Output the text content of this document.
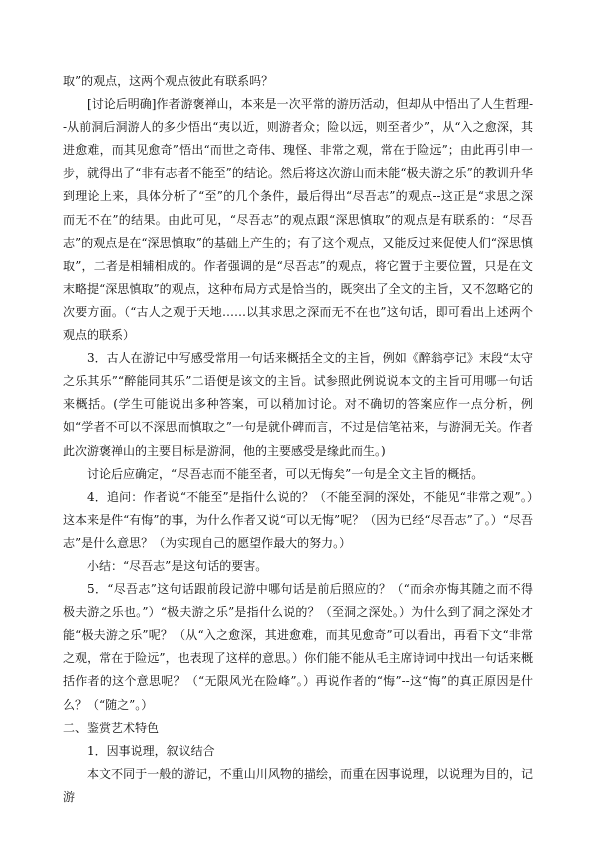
取”的观点，这两个观点彼此有联系吗？

[讨论后明确]作者游褒禅山，本来是一次平常的游历活动，但却从中悟出了人生哲理--从前洞后洞游人的多少悟出“夷以近，则游者众；险以远，则至者少”，从“入之愈深，其进愈难，而其见愈奇”悟出“而世之奇伟、瑰怪、非常之观，常在于险远”；由此再引申一步，就得出了“非有志者不能至”的结论。然后将这次游山而未能“极夫游之乐”的教训升华到理论上来，具体分析了“至”的几个条件，最后得出“尽吾志”的观点--这正是“求思之深而无不在”的结果。由此可见，“尽吾志”的观点跟“深思慎取”的观点是有联系的：“尽吾志”的观点是在“深思慎取”的基础上产生的；有了这个观点，又能反过来促使人们“深思慎取”，二者是相辅相成的。作者强调的是“尽吾志”的观点，将它置于主要位置，只是在文末略提“深思慎取”的观点，这种布局方式是恰当的，既突出了全文的主旨，又不忽略它的次要方面。（“古人之观于天地……以其求思之深而无不在也”这句话，即可看出上述两个观点的联系）

3．古人在游记中写感受常用一句话来概括全文的主旨，例如《醉翁亭记》末段“太守之乐其乐”“醉能同其乐”二语便是该文的主旨。试参照此例说说本文的主旨可用哪一句话来概括。(学生可能说出多种答案，可以稍加讨论。对不确切的答案应作一点分析，例如“学者不可以不深思而慎取之”一句是就仆碑而言，不过是信笔祜来，与游洞无关。作者此次游褒禅山的主要目标是游洞，他的主要感受是缘此而生。)

讨论后应确定，“尽吾志而不能至者，可以无悔矣”一句是全文主旨的概括。

4．追问：作者说“不能至”是指什么说的？（不能至洞的深处，不能见“非常之观”。）这本来是件“有悔”的事，为什么作者又说“可以无悔”呢？（因为已经“尽吾志”了。）“尽吾志”是什么意思？（为实现自己的愿望作最大的努力。）

小结：“尽吾志”是这句话的要害。

5．“尽吾志”这句话跟前段记游中哪句话是前后照应的？（“而余亦悔其随之而不得极夫游之乐也。”）“极夫游之乐”是指什么说的？（至洞之深处。）为什么到了洞之深处才能“极夫游之乐”呢？（从“入之愈深，其进愈难，而其见愈奇”可以看出，再看下文“非常之观，常在于险远”，也表现了这样的意思。）你们能不能从毛主席诗词中找出一句话来概括作者的这个意思呢？（“无限风光在险峰”。）再说作者的“悔”--这“悔”的真正原因是什么？（“随之”。）

二、鉴赏艺术特色

1．因事说理，叙议结合

本文不同于一般的游记，不重山川风物的描绘，而重在因事说理，以说理为目的，记游
